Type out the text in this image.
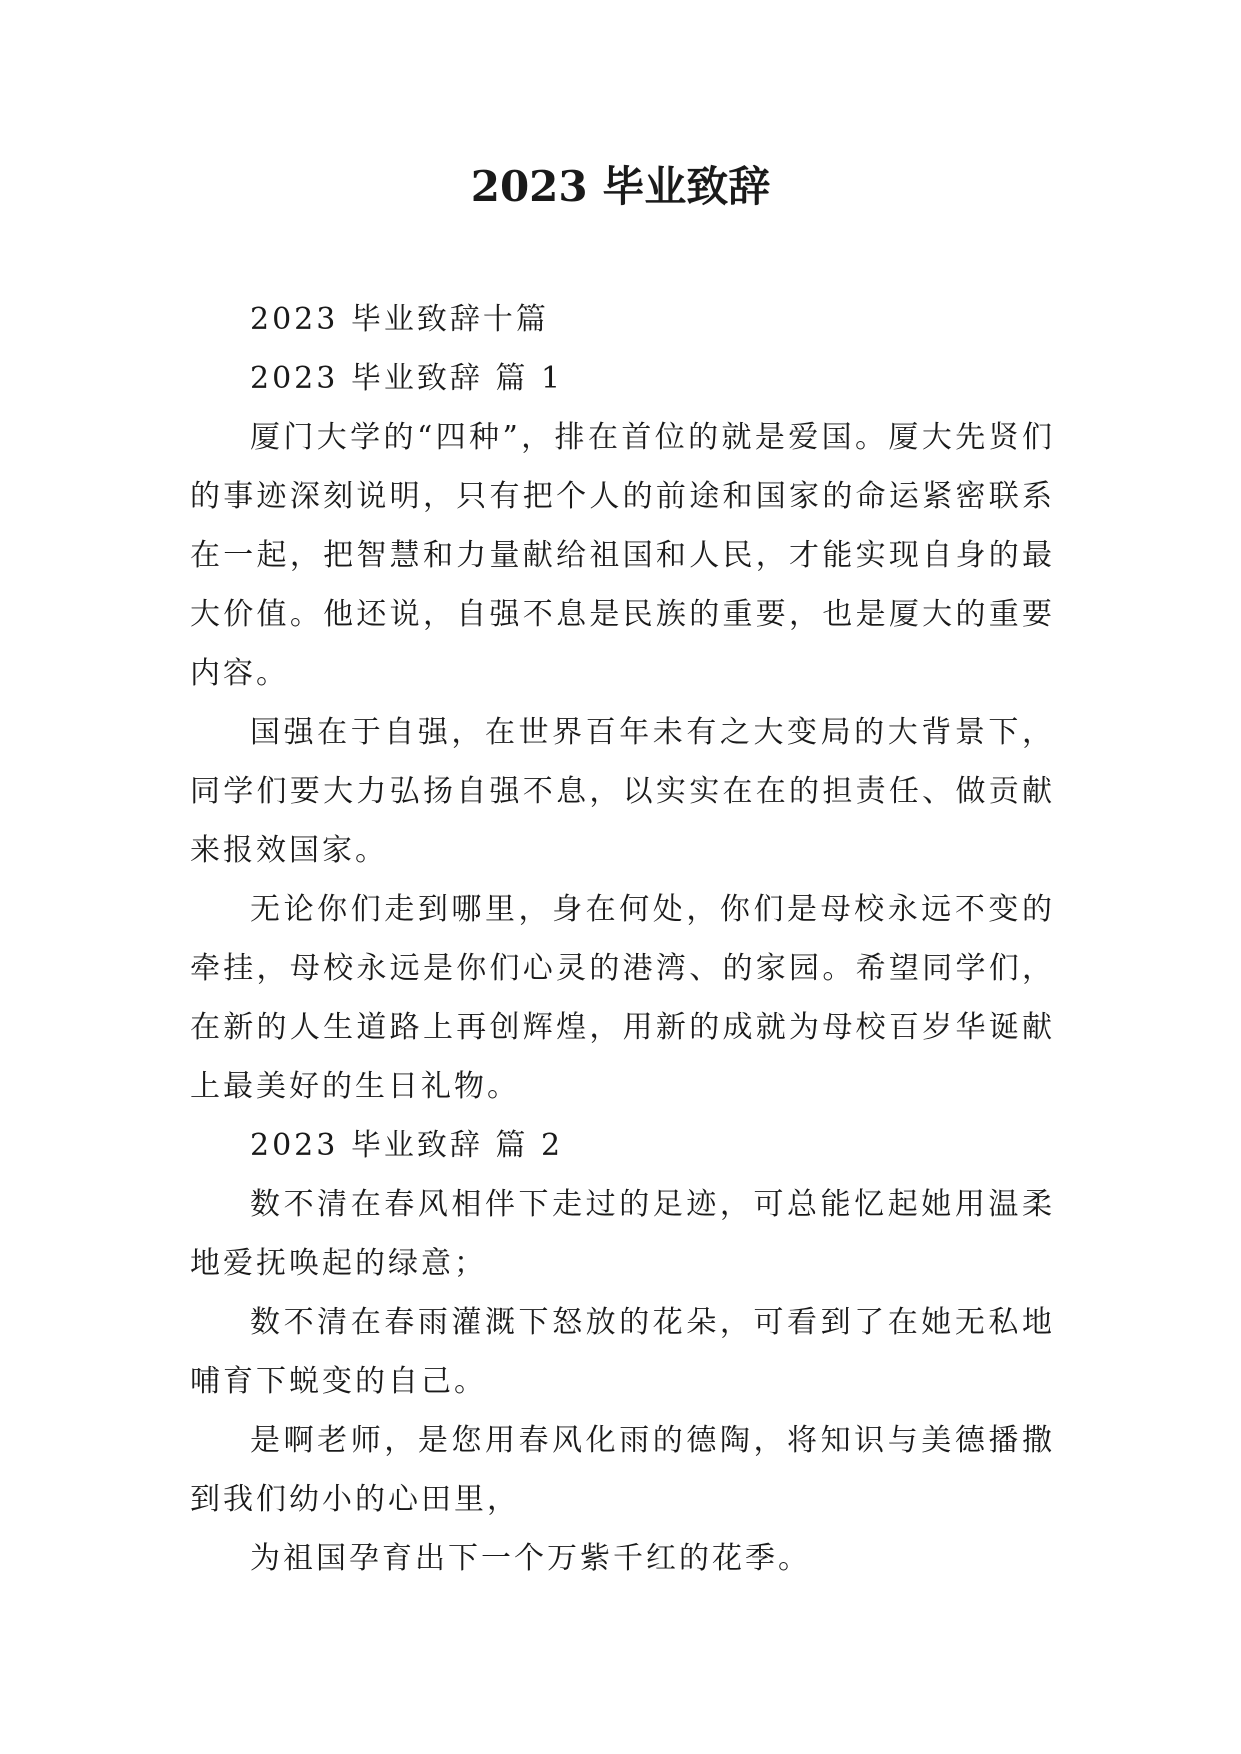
2023 毕业致辞

2023 毕业致辞十篇

2023 毕业致辞 篇 1

厦门大学的“四种”，排在首位的就是爱国。厦大先贤们的事迹深刻说明，只有把个人的前途和国家的命运紧密联系在一起，把智慧和力量献给祖国和人民，才能实现自身的最大价值。他还说，自强不息是民族的重要，也是厦大的重要内容。

国强在于自强，在世界百年未有之大变局的大背景下，同学们要大力弘扬自强不息，以实实在在的担责任、做贡献来报效国家。

无论你们走到哪里，身在何处，你们是母校永远不变的牵挂，母校永远是你们心灵的港湾、的家园。希望同学们，在新的人生道路上再创辉煌，用新的成就为母校百岁华诞献上最美好的生日礼物。

2023 毕业致辞 篇 2

数不清在春风相伴下走过的足迹，可总能忆起她用温柔地爱抚唤起的绿意；

数不清在春雨灌溉下怒放的花朵，可看到了在她无私地哺育下蜕变的自己。

是啊老师，是您用春风化雨的德陶，将知识与美德播撒到我们幼小的心田里，

为祖国孕育出下一个万紫千红的花季。
